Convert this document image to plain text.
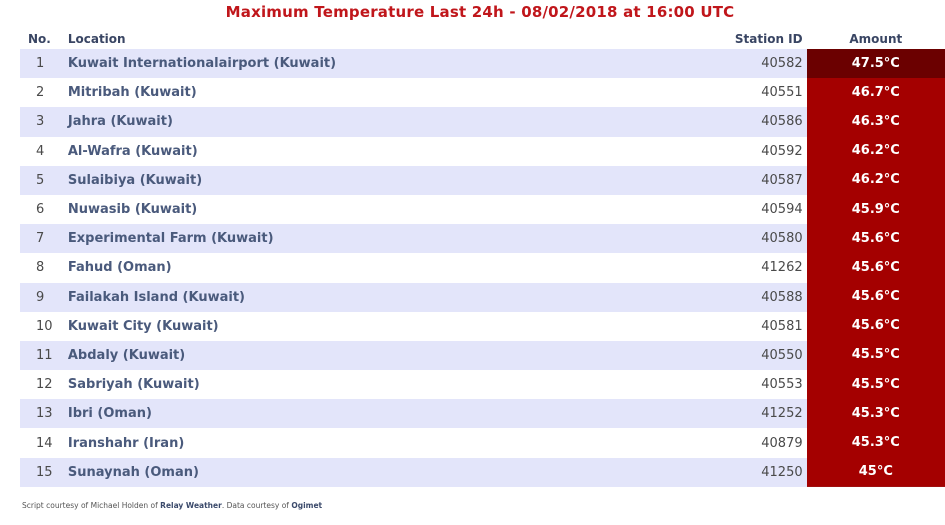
Maximum Temperature Last 24h - 08/02/2018 at 16:00 UTC
No.	Location	Station ID	Amount
1	Kuwait Internationalairport (Kuwait)	40582	47.5°C
2	Mitribah (Kuwait)	40551	46.7°C
3	Jahra (Kuwait)	40586	46.3°C
4	Al-Wafra (Kuwait)	40592	46.2°C
5	Sulaibiya (Kuwait)	40587	46.2°C
6	Nuwasib (Kuwait)	40594	45.9°C
7	Experimental Farm (Kuwait)	40580	45.6°C
8	Fahud (Oman)	41262	45.6°C
9	Failakah Island (Kuwait)	40588	45.6°C
10	Kuwait City (Kuwait)	40581	45.6°C
11	Abdaly (Kuwait)	40550	45.5°C
12	Sabriyah (Kuwait)	40553	45.5°C
13	Ibri (Oman)	41252	45.3°C
14	Iranshahr (Iran)	40879	45.3°C
15	Sunaynah (Oman)	41250	45°C
Script courtesy of Michael Holden of Relay Weather. Data courtesy of Ogimet
